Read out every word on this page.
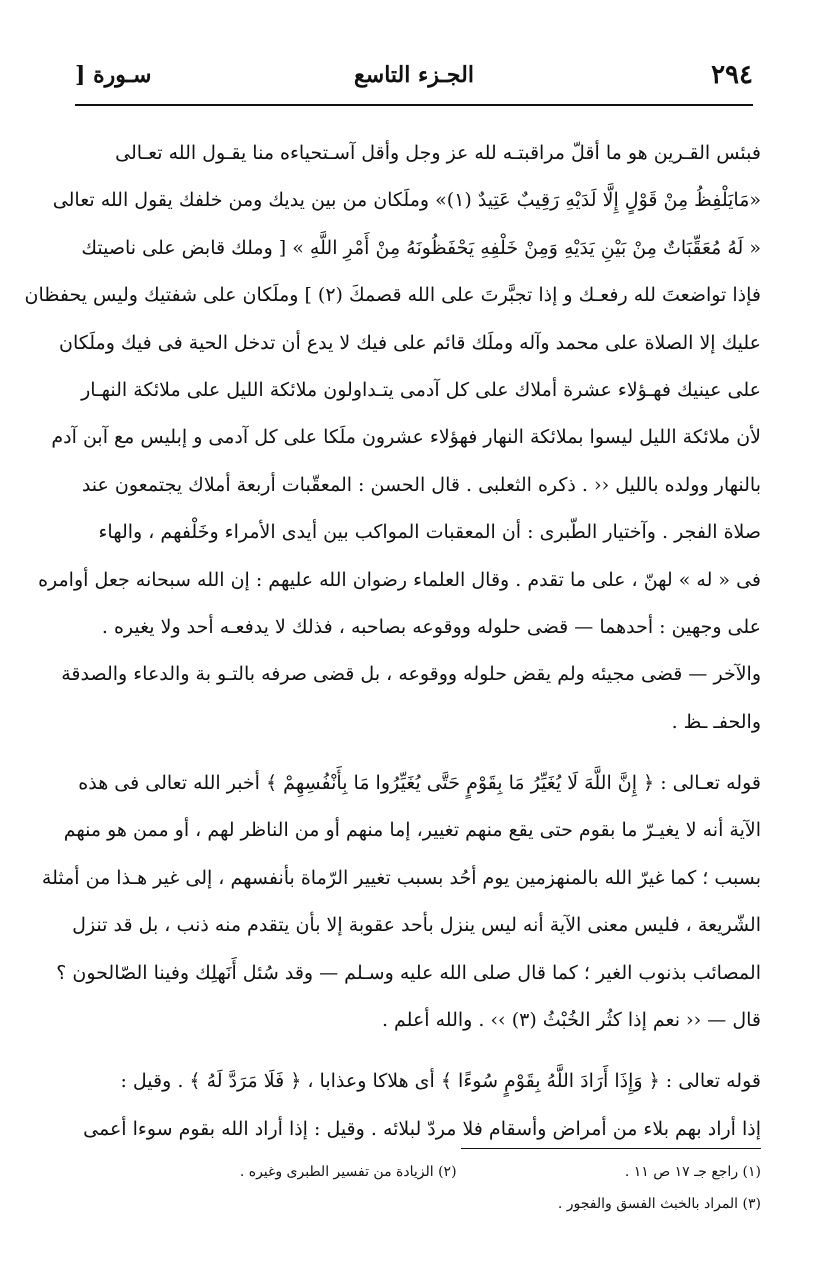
٢٩٤
الجـزء التاسع
سـورة [
فبئس القـرين هو ما أقلّ مراقبتـه لله عز وجل وأقل آسـتحياءه منا يقـول الله تعـالى
«مَايَلْفِظُ مِنْ قَوْلٍ إِلَّا لَدَيْهِ رَقِيبٌ عَتِيدٌ (١)» وملَكان من بين يديك ومن خلفك يقول الله تعالى
« لَهُ مُعَقِّبَاتٌ مِنْ بَيْنِ يَدَيْهِ وَمِنْ خَلْفِهِ يَحْفَظُونَهُ مِنْ أَمْرِ اللَّهِ » [ وملك قابض على ناصيتك
فإذا تواضعتَ لله رفعـك و إذا تجبَّرتَ على الله قصمكَ (٢) ] وملَكان على شفتيك وليس يحفظان
عليك إلا الصلاة على محمد وآله وملَك قائم على فيك لا يدع أن تدخل الحية فى فيك وملَكان
على عينيك فهـؤلاء عشرة أملاك على كل آدمى يتـداولون ملائكة الليل على ملائكة النهـار
لأن ملائكة الليل ليسوا بملائكة النهار فهؤلاء عشرون ملَكا على كل آدمى و إبليس مع آبن آدم
بالنهار وولده بالليل ‹‹ . ذكره الثعلبى . قال الحسن : المعقّبات أربعة أملاك يجتمعون عند
صلاة الفجر . وآختيار الطّبرى : أن المعقبات المواكب بين أيدى الأمراء وخَلْفهم ، والهاء
فى « له » لهنّ ، على ما تقدم . وقال العلماء رضوان الله عليهم : إن الله سبحانه جعل أوامره
على وجهين : أحدهما — قضى حلوله ووقوعه بصاحبه ، فذلك لا يدفعـه أحد ولا يغيره .
والآخر — قضى مجيئه ولم يقض حلوله ووقوعه ، بل قضى صرفه بالتـو بة والدعاء والصدقة
والحفـ ـظ .
قوله تعـالى : ﴿ إِنَّ اللَّهَ لَا يُغَيِّرُ مَا بِقَوْمٍ حَتَّى يُغَيِّرُوا مَا بِأَنْفُسِهِمْ ﴾ أخبر الله تعالى فى هذه
الآية أنه لا يغيـرّ ما بقوم حتى يقع منهم تغيير، إما منهم أو من الناظر لهم ، أو ممن هو منهم
بسبب ؛ كما غيرّ الله بالمنهزمين يوم أحُد بسبب تغيير الرّماة بأنفسهم ، إلى غير هـذا من أمثلة
الشّريعة ، فليس معنى الآية أنه ليس ينزل بأحد عقوبة إلا بأن يتقدم منه ذنب ، بل قد تنزل
المصائب بذنوب الغير ؛ كما قال صلى الله عليه وسـلم — وقد سُئل أَنَهلِك وفينا الصّالحون ؟
قال — ‹‹ نعم إذا كثُر الخُبْثُ (٣) ›› . والله أعلم .
قوله تعالى : ﴿ وَإِذَا أَرَادَ اللَّهُ بِقَوْمٍ سُوءًا ﴾ أى هلاكا وعذابا ، ﴿ فَلَا مَرَدَّ لَهُ ﴾ . وقيل :
إذا أراد بهم بلاء من أمراض وأسقام فلا مردّ لبلائه . وقيل : إذا أراد الله بقوم سوءا أعمى
(١) راجع جـ ١٧ ص ١١ . (٢) الزيادة من تفسير الطبرى وغيره .
(٣) المراد بالخبث الفسق والفجور .
